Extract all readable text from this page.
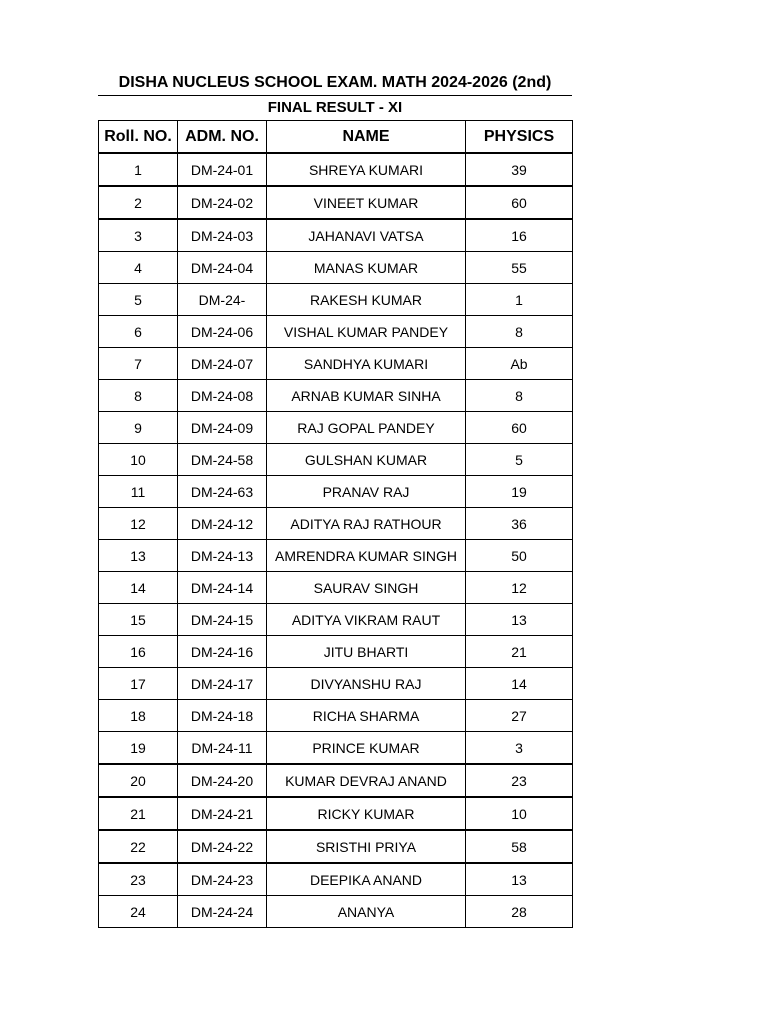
DISHA NUCLEUS SCHOOL EXAM. MATH 2024-2026 (2nd)
FINAL RESULT - XI
Roll. NO.	ADM. NO.	NAME	PHYSICS
1	DM-24-01	SHREYA KUMARI	39
2	DM-24-02	VINEET KUMAR	60
3	DM-24-03	JAHANAVI VATSA	16
4	DM-24-04	MANAS KUMAR	55
5	DM-24-	RAKESH KUMAR	1
6	DM-24-06	VISHAL KUMAR PANDEY	8
7	DM-24-07	SANDHYA KUMARI	Ab
8	DM-24-08	ARNAB KUMAR SINHA	8
9	DM-24-09	RAJ GOPAL PANDEY	60
10	DM-24-58	GULSHAN KUMAR	5
11	DM-24-63	PRANAV RAJ	19
12	DM-24-12	ADITYA RAJ RATHOUR	36
13	DM-24-13	AMRENDRA KUMAR SINGH	50
14	DM-24-14	SAURAV SINGH	12
15	DM-24-15	ADITYA VIKRAM RAUT	13
16	DM-24-16	JITU BHARTI	21
17	DM-24-17	DIVYANSHU RAJ	14
18	DM-24-18	RICHA SHARMA	27
19	DM-24-11	PRINCE KUMAR	3
20	DM-24-20	KUMAR DEVRAJ ANAND	23
21	DM-24-21	RICKY KUMAR	10
22	DM-24-22	SRISTHI PRIYA	58
23	DM-24-23	DEEPIKA ANAND	13
24	DM-24-24	ANANYA	28
